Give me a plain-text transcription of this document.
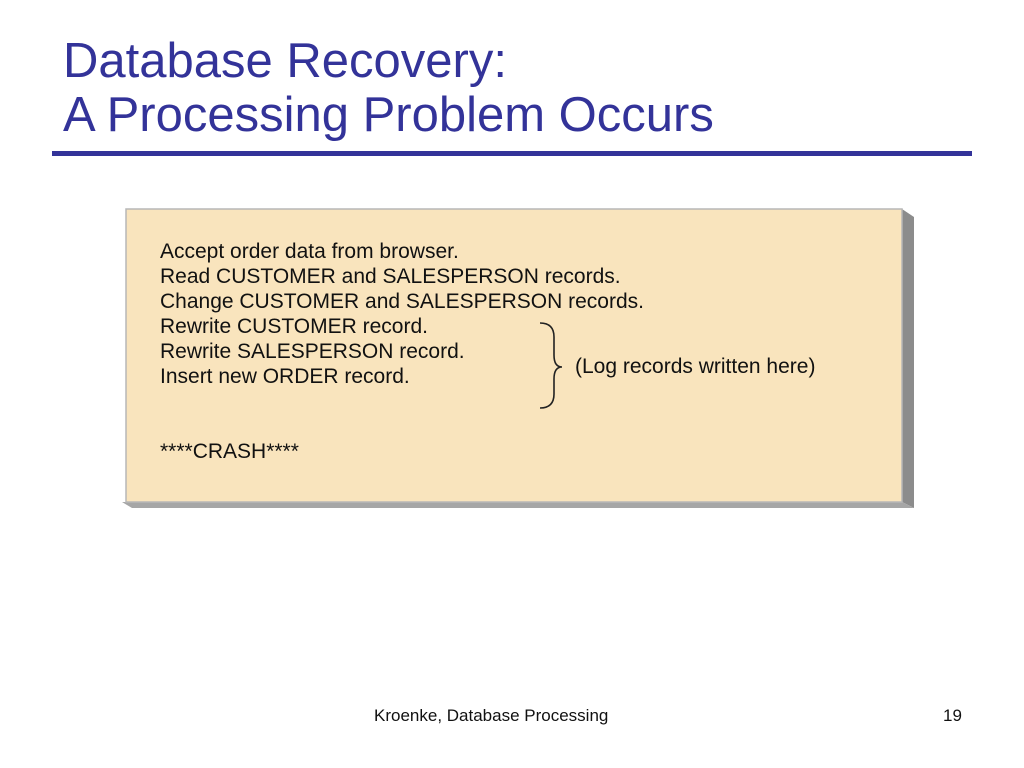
Database Recovery:
A Processing Problem Occurs
Accept order data from browser.
Read CUSTOMER and SALESPERSON records.
Change CUSTOMER and SALESPERSON records.
Rewrite CUSTOMER record.
Rewrite SALESPERSON record.
Insert new ORDER record.	(Log records written here)
****CRASH****
Kroenke, Database Processing	19
